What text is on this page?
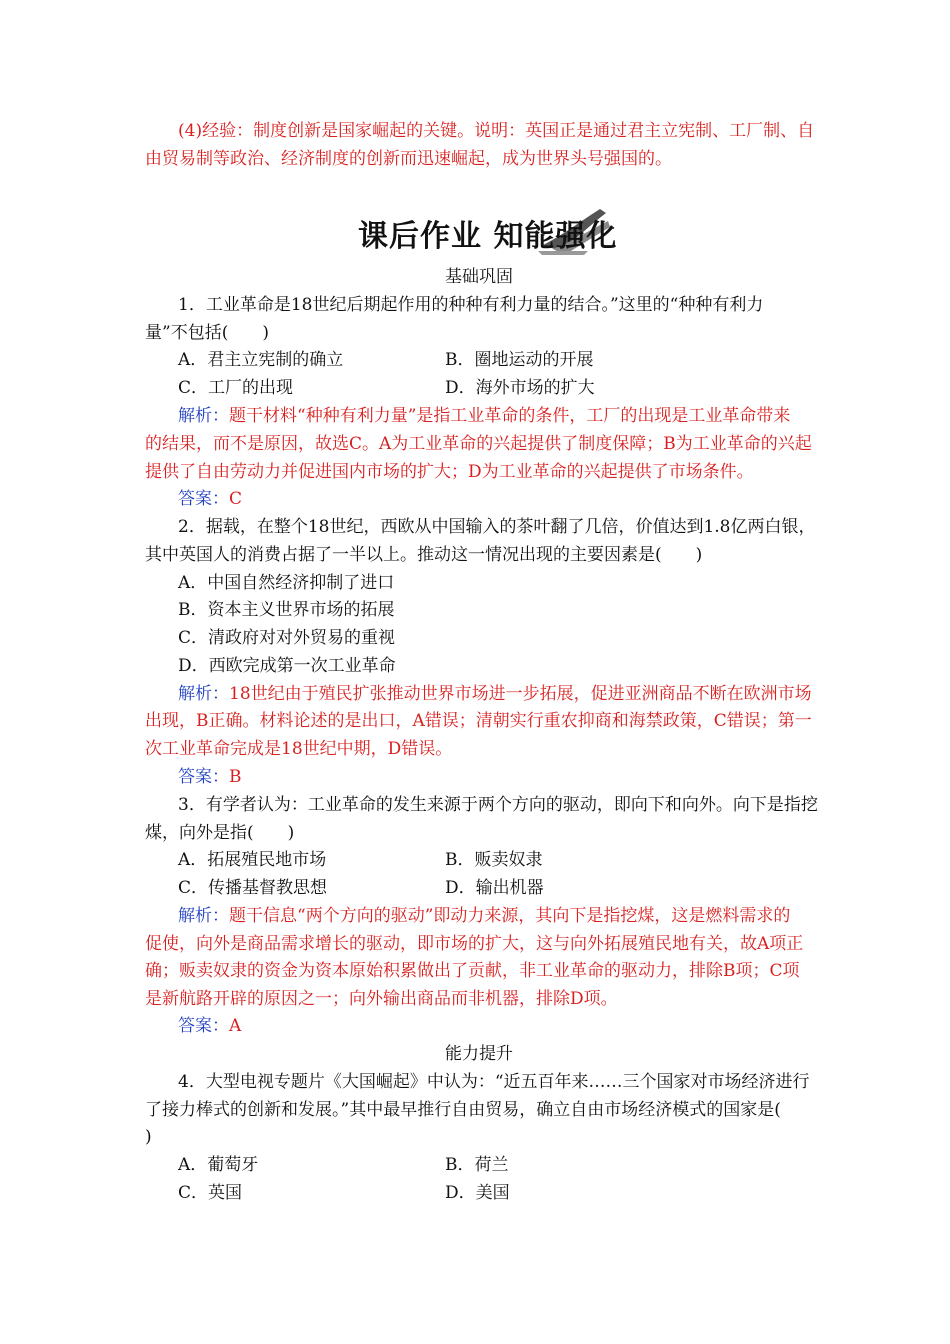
(4)经验：制度创新是国家崛起的关键。说明：英国正是通过君主立宪制、工厂制、自

由贸易制等政治、经济制度的创新而迅速崛起，成为世界头号强国的。

课后作业 知能强化

基础巩固

1．工业革命是18世纪后期起作用的种种有利力量的结合。”这里的“种种有利力

量”不包括(　　)

A．君主立宪制的确立	B．圈地运动的开展

C．工厂的出现	D．海外市场的扩大

解析：题干材料“种种有利力量”是指工业革命的条件，工厂的出现是工业革命带来

的结果，而不是原因，故选C。A为工业革命的兴起提供了制度保障；B为工业革命的兴起

提供了自由劳动力并促进国内市场的扩大；D为工业革命的兴起提供了市场条件。

答案：C

2．据载，在整个18世纪，西欧从中国输入的茶叶翻了几倍，价值达到1.8亿两白银，

其中英国人的消费占据了一半以上。推动这一情况出现的主要因素是(　　)

A．中国自然经济抑制了进口

B．资本主义世界市场的拓展

C．清政府对对外贸易的重视

D．西欧完成第一次工业革命

解析：18世纪由于殖民扩张推动世界市场进一步拓展，促进亚洲商品不断在欧洲市场

出现，B正确。材料论述的是出口，A错误；清朝实行重农抑商和海禁政策，C错误；第一

次工业革命完成是18世纪中期，D错误。

答案：B

3．有学者认为：工业革命的发生来源于两个方向的驱动，即向下和向外。向下是指挖

煤，向外是指(　　)

A．拓展殖民地市场	B．贩卖奴隶

C．传播基督教思想	D．输出机器

解析：题干信息“两个方向的驱动”即动力来源，其向下是指挖煤，这是燃料需求的

促使，向外是商品需求增长的驱动，即市场的扩大，这与向外拓展殖民地有关，故A项正

确；贩卖奴隶的资金为资本原始积累做出了贡献，非工业革命的驱动力，排除B项；C项

是新航路开辟的原因之一；向外输出商品而非机器，排除D项。

答案：A

能力提升

4．大型电视专题片《大国崛起》中认为：“近五百年来……三个国家对市场经济进行

了接力棒式的创新和发展。”其中最早推行自由贸易，确立自由市场经济模式的国家是(

)

A．葡萄牙	B．荷兰

C．英国	D．美国
